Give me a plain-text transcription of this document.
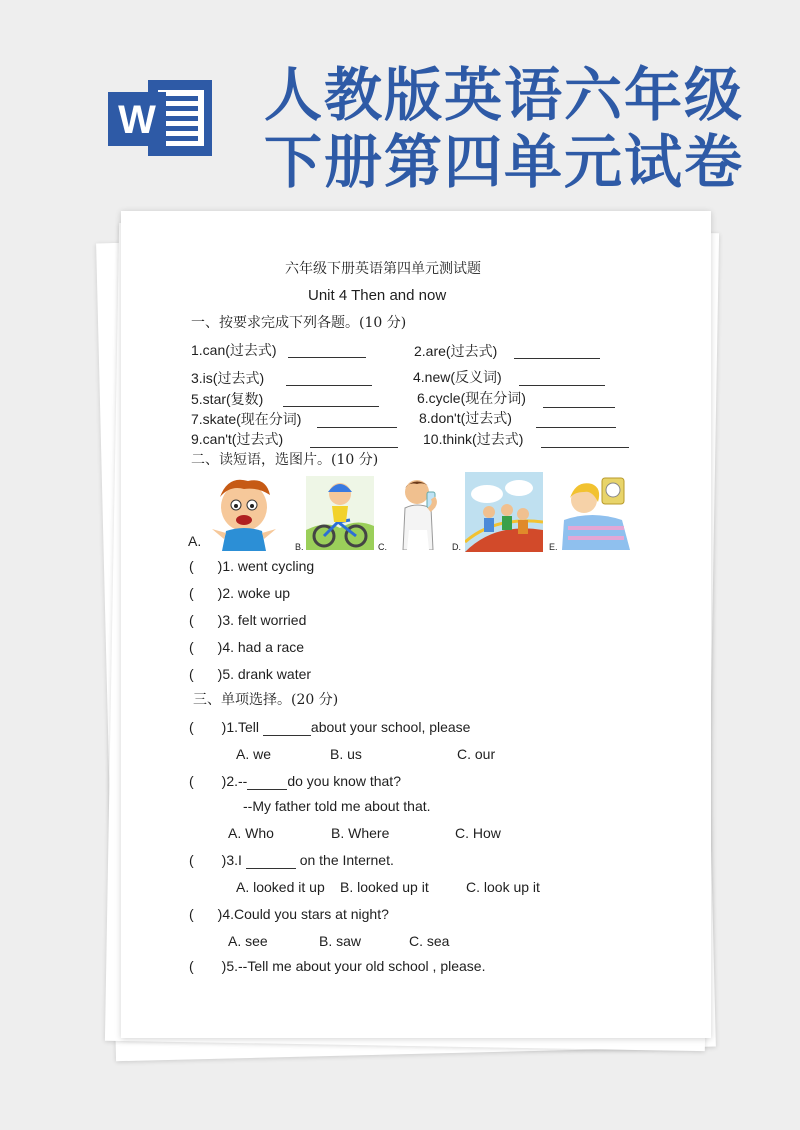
W 人教版英语六年级
下册第四单元试卷
六年级下册英语第四单元测试题
Unit 4 Then and now
一、按要求完成下列各题。(10 分)
1.can(过去式)	2.are(过去式)
3.is(过去式)	4.new(反义词)
5.star(复数)	6.cycle(现在分词)
7.skate(现在分词)	8.don't(过去式)
9.can't(过去式)	10.think(过去式)
二、读短语，选图片。(10 分)
A.	B.	C.	D.	E.
( )1. went cycling
( )2. woke up
( )3. felt worried
( )4. had a race
( )5. drank water
三、单项选择。(20 分)
( )1.Tell	about your school, please
A. we	B. us	C. our
( )2.--	do you know that?
--My father told me about that.
A. Who	B. Where	C. How
( )3.I	on the Internet.
A. looked it up B. looked up it	C. look up it
( )4.Could you stars at night?
A. see	B. saw	C. sea
( )5.--Tell me about your old school , please.
